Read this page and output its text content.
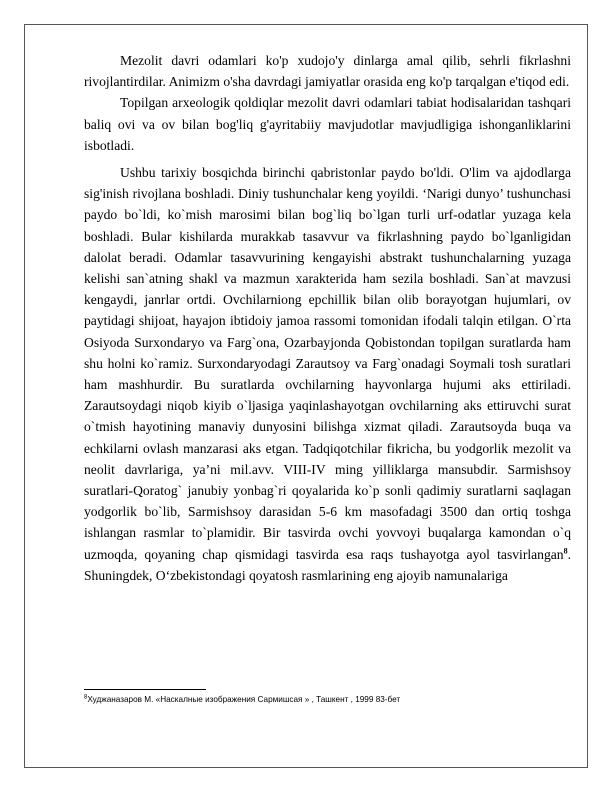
Mezolit davri odamlari ko'p xudojo'y dinlarga amal qilib, sehrli fikrlashni rivojlantirdilar. Animizm o'sha davrdagi jamiyatlar orasida eng ko'p tarqalgan e'tiqod edi.

Topilgan arxeologik qoldiqlar mezolit davri odamlari tabiat hodisalaridan tashqari baliq ovi va ov bilan bog'liq g'ayritabiiy mavjudotlar mavjudligiga ishonganliklarini isbotladi.

Ushbu tarixiy bosqichda birinchi qabristonlar paydo bo'ldi. O'lim va ajdodlarga sig'inish rivojlana boshladi. Diniy tushunchalar keng yoyildi. ‘Narigi dunyo’ tushunchasi paydo bo`ldi, ko`mish marosimi bilan bog`liq bo`lgan turli urf-odatlar yuzaga kela boshladi. Bular kishilarda murakkab tasavvur va fikrlashning paydo bo`lganligidan dalolat beradi. Odamlar tasavvurining kengayishi abstrakt tushunchalarning yuzaga kelishi san`atning shakl va mazmun xarakterida ham sezila boshladi. San`at mavzusi kengaydi, janrlar ortdi. Ovchilarniong epchillik bilan olib borayotgan hujumlari, ov paytidagi shijoat, hayajon ibtidoiy jamoa rassomi tomonidan ifodali talqin etilgan. O`rta Osiyoda Surxondaryo va Farg`ona, Ozarbayjonda Qobistondan topilgan suratlarda ham shu holni ko`ramiz. Surxondaryodagi Zarautsoy va Farg`onadagi Soymali tosh suratlari ham mashhurdir. Bu suratlarda ovchilarning hayvonlarga hujumi aks ettiriladi. Zarautsoydagi niqob kiyib o`ljasiga yaqinlashayotgan ovchilarning aks ettiruvchi surat o`tmish hayotining manaviy dunyosini bilishga xizmat qiladi. Zarautsoyda buqa va echkilarni ovlash manzarasi aks etgan. Tadqiqotchilar fikricha, bu yodgorlik mezolit va neolit davrlariga, ya’ni mil.avv. VIII-IV ming yilliklarga mansubdir. Sarmishsoy suratlari-Qoratog` janubiy yonbag`ri qoyalarida ko`p sonli qadimiy suratlarni saqlagan yodgorlik bo`lib, Sarmishsoy darasidan 5-6 km masofadagi 3500 dan ortiq toshga ishlangan rasmlar to`plamidir. Bir tasvirda ovchi yovvoyi buqalarga kamondan o`q uzmoqda, qoyaning chap qismidagi tasvirda esa raqs tushayotga ayol tasvirlangan$^8$. Shuningdek, O‘zbekistondagi qoyatosh rasmlarining eng ajoyib namunalariga

$^8$Худжаназаров М. «Наскалные изображения Сармишсая » , Ташкент , 1999 83-бет
